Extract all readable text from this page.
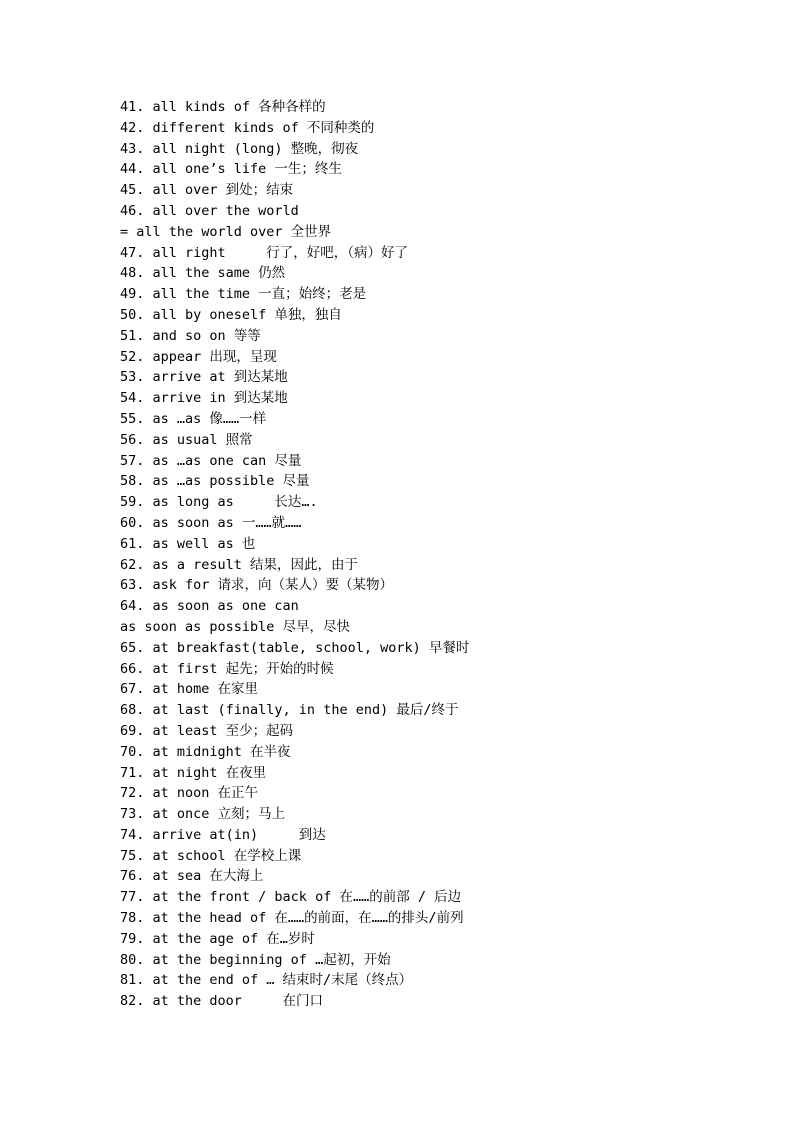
41. all kinds of 各种各样的
42. different kinds of 不同种类的
43. all night (long) 整晚，彻夜
44. all one’s life 一生；终生
45. all over 到处；结束
46. all over the world
= all the world over 全世界
47. all right     行了，好吧，（病）好了
48. all the same 仍然
49. all the time 一直；始终；老是
50. all by oneself 单独，独自
51. and so on 等等
52. appear 出现，呈现
53. arrive at 到达某地
54. arrive in 到达某地
55. as …as 像……一样
56. as usual 照常
57. as …as one can 尽量
58. as …as possible 尽量
59. as long as     长达….
60. as soon as 一……就……
61. as well as 也
62. as a result 结果，因此，由于
63. ask for 请求，向（某人）要（某物）
64. as soon as one can
as soon as possible 尽早，尽快
65. at breakfast(table, school, work) 早餐时
66. at first 起先；开始的时候
67. at home 在家里
68. at last (finally, in the end) 最后/终于
69. at least 至少；起码
70. at midnight 在半夜
71. at night 在夜里
72. at noon 在正午
73. at once 立刻；马上
74. arrive at(in)     到达
75. at school 在学校上课
76. at sea 在大海上
77. at the front / back of 在……的前部 / 后边
78. at the head of 在……的前面，在……的排头/前列
79. at the age of 在…岁时
80. at the beginning of …起初，开始
81. at the end of … 结束时/末尾（终点）
82. at the door     在门口
